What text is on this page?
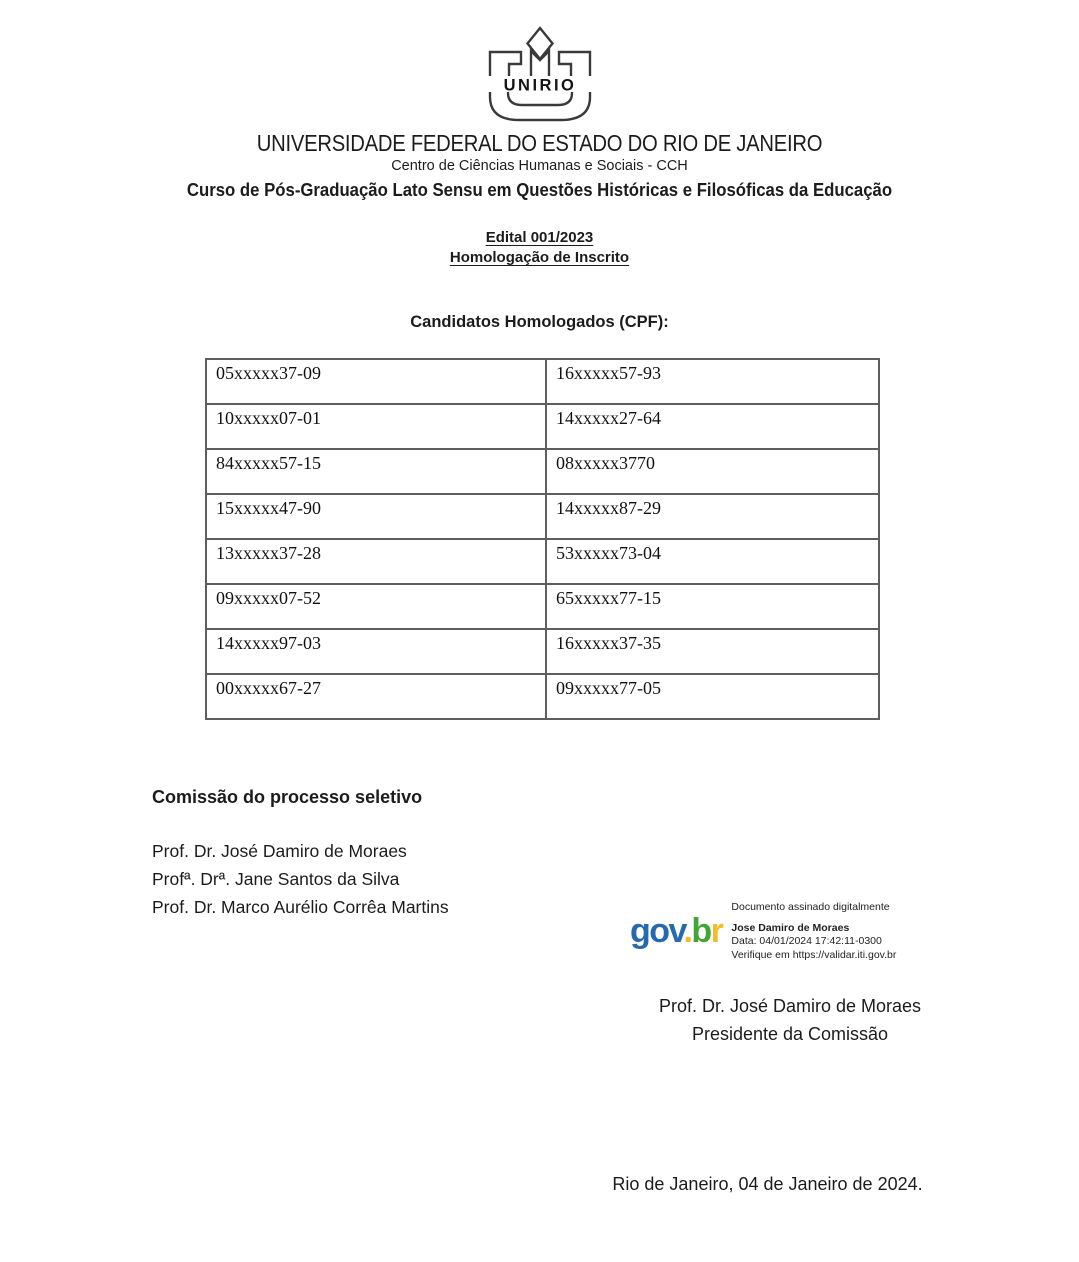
UNIRIO
UNIVERSIDADE FEDERAL DO ESTADO DO RIO DE JANEIRO
Centro de Ciências Humanas e Sociais - CCH
Curso de Pós-Graduação Lato Sensu em Questões Históricas e Filosóficas da Educação
Edital 001/2023
Homologação de Inscrito
Candidatos Homologados (CPF):
05xxxxx37-09	16xxxxx57-93
10xxxxx07-01	14xxxxx27-64
84xxxxx57-15	08xxxxx3770
15xxxxx47-90	14xxxxx87-29
13xxxxx37-28	53xxxxx73-04
09xxxxx07-52	65xxxxx77-15
14xxxxx97-03	16xxxxx37-35
00xxxxx67-27	09xxxxx77-05
Comissão do processo seletivo
Prof. Dr. José Damiro de Moraes
Profª. Drª. Jane Santos da Silva
Prof. Dr. Marco Aurélio Corrêa Martins
gov.br
Documento assinado digitalmente
Jose Damiro de Moraes
Data: 04/01/2024 17:42:11-0300
Verifique em https://validar.iti.gov.br
Prof. Dr. José Damiro de Moraes
Presidente da Comissão
Rio de Janeiro, 04 de Janeiro de 2024.
